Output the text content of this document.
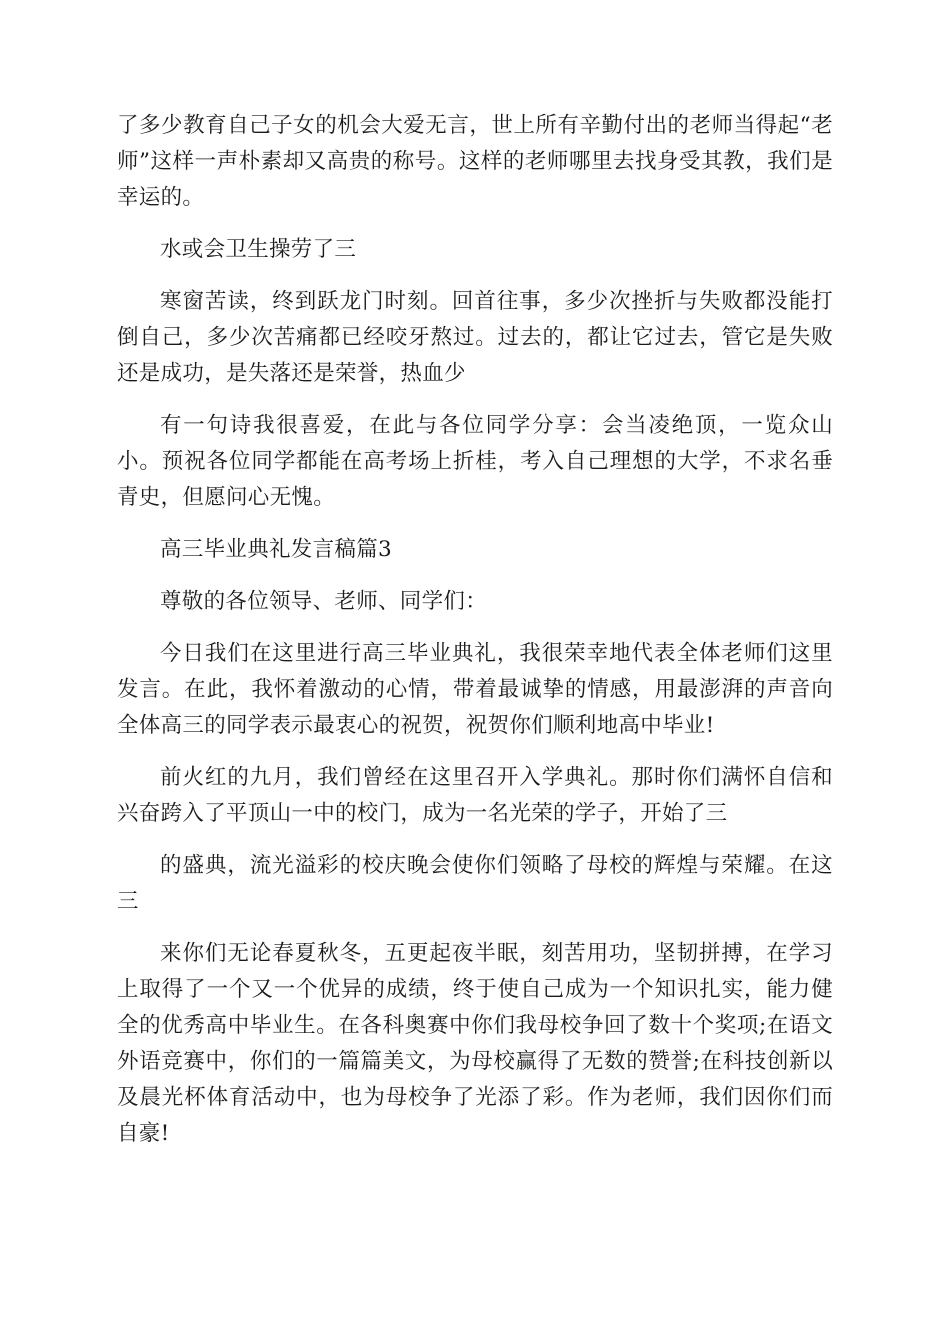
了多少教育自己子女的机会大爱无言，世上所有辛勤付出的老师当得起“老师”这样一声朴素却又高贵的称号。这样的老师哪里去找身受其教，我们是幸运的。

水或会卫生操劳了三

寒窗苦读，终到跃龙门时刻。回首往事，多少次挫折与失败都没能打倒自己，多少次苦痛都已经咬牙熬过。过去的，都让它过去，管它是失败还是成功，是失落还是荣誉，热血少

有一句诗我很喜爱，在此与各位同学分享：会当凌绝顶，一览众山小。预祝各位同学都能在高考场上折桂，考入自己理想的大学，不求名垂青史，但愿问心无愧。

高三毕业典礼发言稿篇3

尊敬的各位领导、老师、同学们：

今日我们在这里进行高三毕业典礼，我很荣幸地代表全体老师们这里发言。在此，我怀着激动的心情，带着最诚挚的情感，用最澎湃的声音向全体高三的同学表示最衷心的祝贺，祝贺你们顺利地高中毕业!

前火红的九月，我们曾经在这里召开入学典礼。那时你们满怀自信和兴奋跨入了平顶山一中的校门，成为一名光荣的学子，开始了三

的盛典，流光溢彩的校庆晚会使你们领略了母校的辉煌与荣耀。在这三

来你们无论春夏秋冬，五更起夜半眠，刻苦用功，坚韧拼搏，在学习上取得了一个又一个优异的成绩，终于使自己成为一个知识扎实，能力健全的优秀高中毕业生。在各科奥赛中你们我母校争回了数十个奖项;在语文外语竞赛中，你们的一篇篇美文，为母校赢得了无数的赞誉;在科技创新以及晨光杯体育活动中，也为母校争了光添了彩。作为老师，我们因你们而自豪!
